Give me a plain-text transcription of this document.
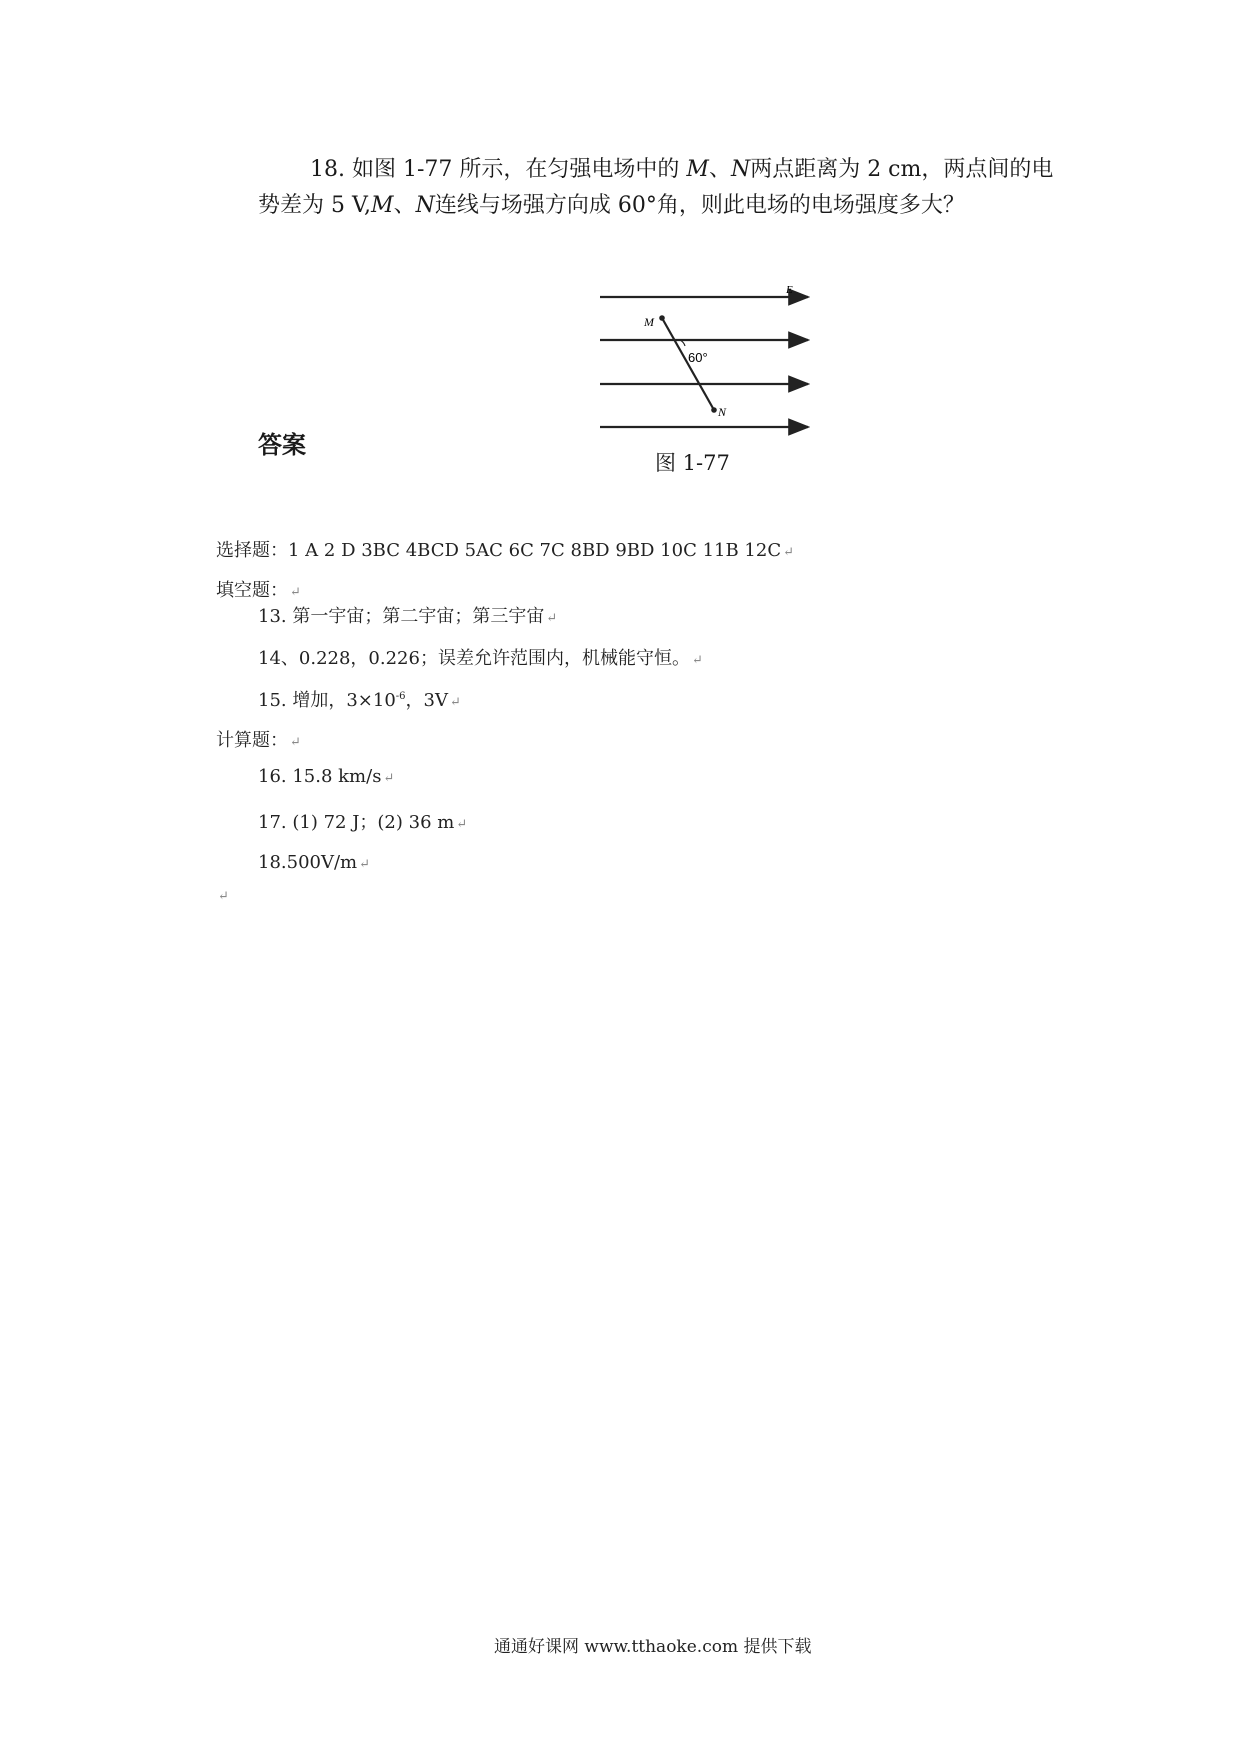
18. 如图 1-77 所示，在匀强电场中的 M、N两点距离为 2 cm，两点间的电势差为 5 V,M、N连线与场强方向成 60°角，则此电场的电场强度多大？
E
M
N
60°
图 1-77
答案
选择题：1 A 2 D 3BC 4BCD 5AC 6C 7C 8BD 9BD 10C 11B 12C ↵
填空题： ↵
13. 第一宇宙；第二宇宙；第三宇宙 ↵
14、0.228，0.226；误差允许范围内，机械能守恒。 ↵
15. 增加，$3\times 10^{-6}$，3V ↵
计算题： ↵
16. 15.8 km/s ↵
17. (1) 72 J；(2) 36 m ↵
18.500V/m ↵
↵
通通好课网 www.tthaoke.com 提供下载
